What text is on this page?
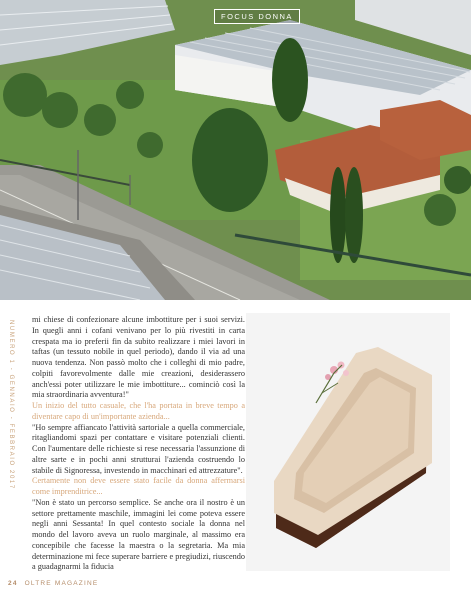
FOCUS DONNA
NUMERO 1 - GENNAIO - FEBBRAIO 2017

mi chiese di confezionare alcune imbottiture per i suoi servizi. In quegli anni i cofani venivano per lo più rivestiti in carta crespata ma io preferii fin da subito realizzare i miei lavori in taftas (un tessuto nobile in quel periodo), dando il via ad una nuova tendenza. Non passò molto che i colleghi di mio padre, colpiti favorevolmente dalle mie creazioni, desiderassero anch'essi poter utilizzare le mie imbottiture... cominciò così la mia straordinaria avventura!"

Un inizio del tutto casuale, che l'ha portata in breve tempo a diventare capo di un'importante azienda...

"Ho sempre affiancato l'attività sartoriale a quella commerciale, ritagliandomi spazi per contattare e visitare potenziali clienti. Con l'aumentare delle richieste si rese necessaria l'assunzione di altre sarte e in pochi anni strutturai l'azienda costruendo lo stabile di Signoressa, investendo in macchinari ed attrezzature".

Certamente non deve essere stato facile da donna affermarsi come imprenditrice...

"Non è stato un percorso semplice. Se anche ora il nostro è un settore prettamente maschile, immagini lei come poteva essere negli anni Sessanta! In quel contesto sociale la donna nel mondo del lavoro aveva un ruolo marginale, al massimo era concepibile che facesse la maestra o la segretaria. Ma mia determinazione mi fece superare barriere e pregiudizi, riuscendo a guadagnarmi la fiducia

24 OLTRE MAGAZINE
